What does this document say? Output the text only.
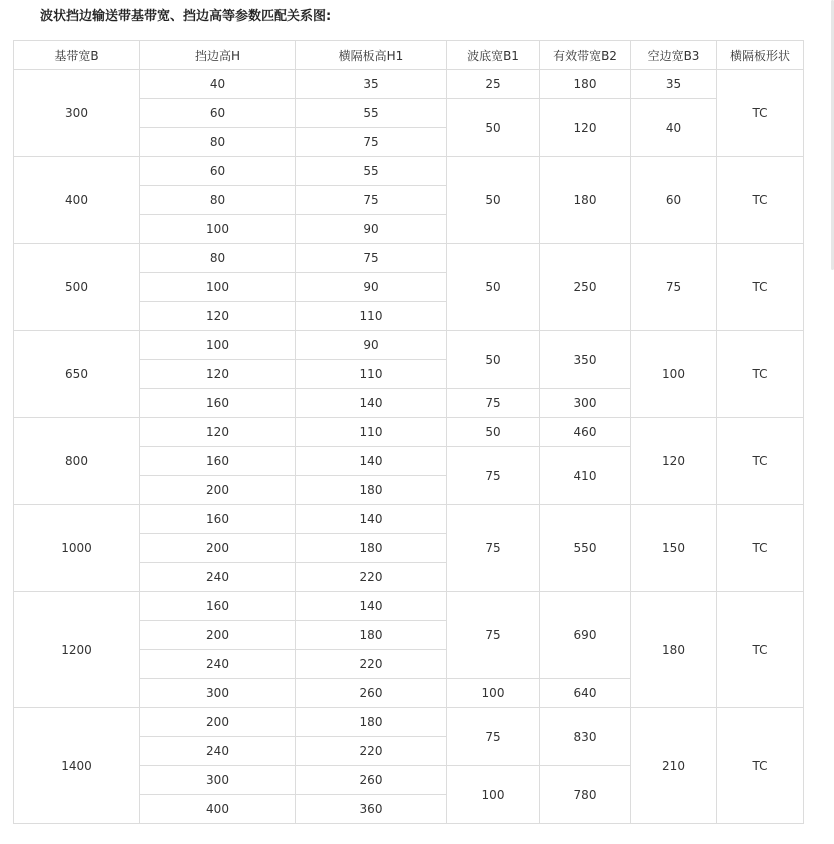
波状挡边输送带基带宽、挡边高等参数匹配关系图:
基带宽B	挡边高H	横隔板高H1	波底宽B1	有效带宽B2	空边宽B3	横隔板形状
300	40	35	25	180	35	TC
	60	55	50	120	40	
	80	75				
400	60	55	50	180	60	TC
	80	75				
	100	90				
500	80	75	50	250	75	TC
	100	90				
	120	110				
650	100	90	50	350	100	TC
	120	110				
	160	140	75	300		
800	120	110	50	460	120	TC
	160	140	75	410		
	200	180				
1000	160	140	75	550	150	TC
	200	180				
	240	220				
1200	160	140	75	690	180	TC
	200	180				
	240	220				
	300	260	100	640		
1400	200	180	75	830	210	TC
	240	220				
	300	260	100	780		
	400	360				
